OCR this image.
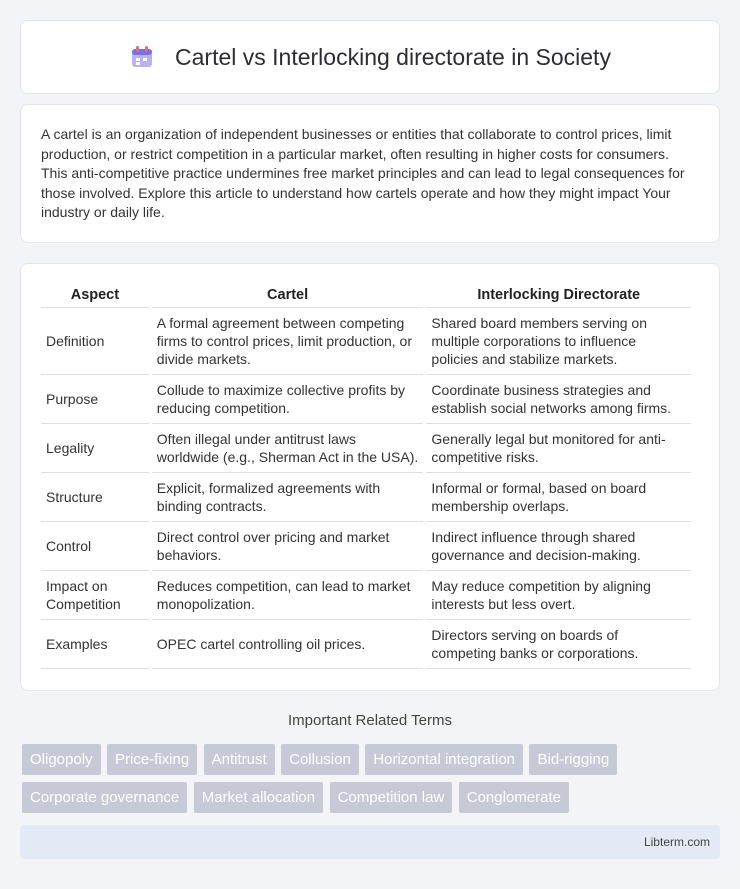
Cartel vs Interlocking directorate in Society

A cartel is an organization of independent businesses or entities that collaborate to control prices, limit production, or restrict competition in a particular market, often resulting in higher costs for consumers. This anti-competitive practice undermines free market principles and can lead to legal consequences for those involved. Explore this article to understand how cartels operate and how they might impact Your industry or daily life.

Aspect	Cartel	Interlocking Directorate
Definition	A formal agreement between competing firms to control prices, limit production, or divide markets.	Shared board members serving on multiple corporations to influence policies and stabilize markets.
Purpose	Collude to maximize collective profits by reducing competition.	Coordinate business strategies and establish social networks among firms.
Legality	Often illegal under antitrust laws worldwide (e.g., Sherman Act in the USA).	Generally legal but monitored for anti-competitive risks.
Structure	Explicit, formalized agreements with binding contracts.	Informal or formal, based on board membership overlaps.
Control	Direct control over pricing and market behaviors.	Indirect influence through shared governance and decision-making.
Impact on Competition	Reduces competition, can lead to market monopolization.	May reduce competition by aligning interests but less overt.
Examples	OPEC cartel controlling oil prices.	Directors serving on boards of competing banks or corporations.
Important Related Terms
Oligopoly Price-fixing Antitrust Collusion Horizontal integration Bid-rigging Corporate governance Market allocation Competition law Conglomerate
Libterm.com
